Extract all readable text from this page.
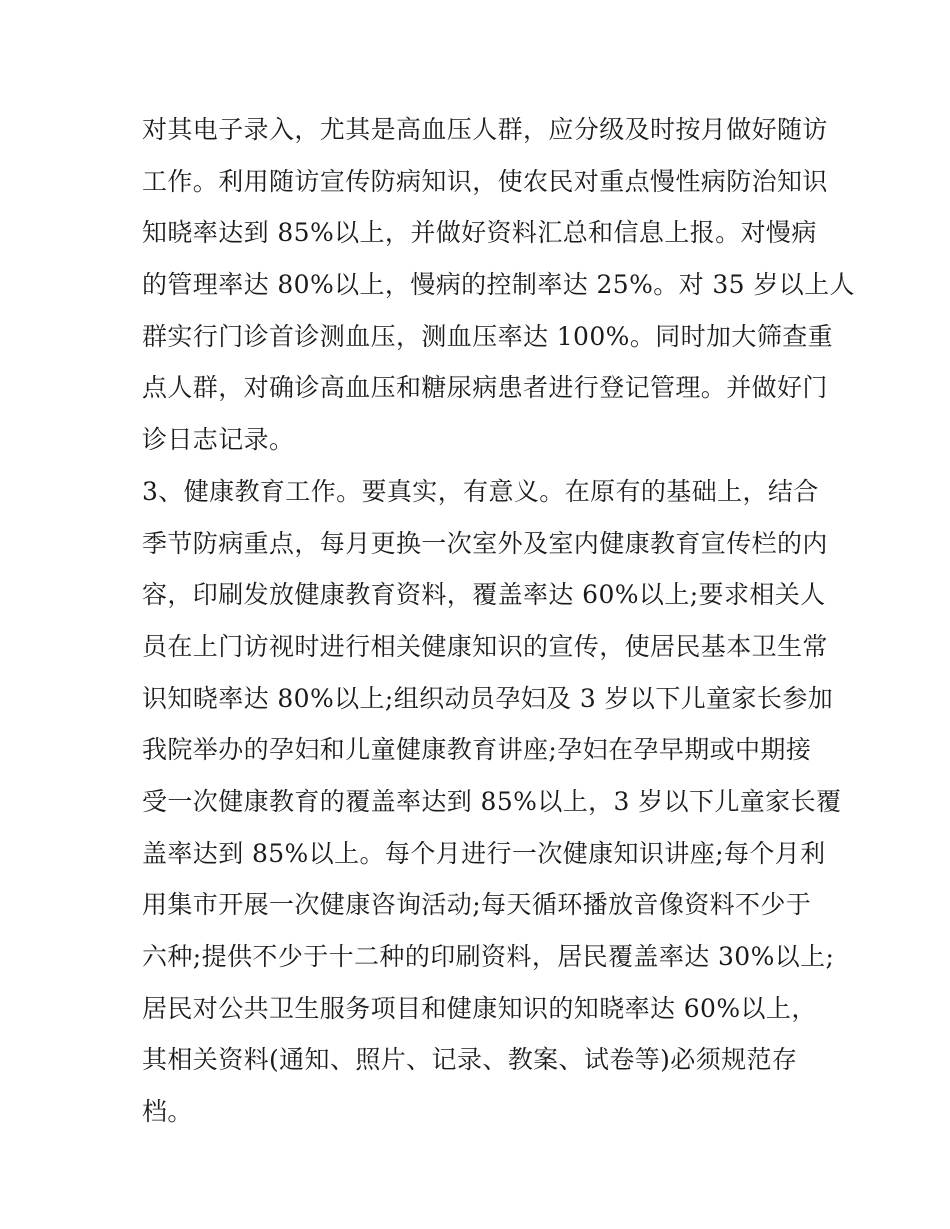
对其电子录入，尤其是高血压人群，应分级及时按月做好随访
工作。利用随访宣传防病知识，使农民对重点慢性病防治知识
知晓率达到 85%以上，并做好资料汇总和信息上报。对慢病
的管理率达 80%以上，慢病的控制率达 25%。对 35 岁以上人
群实行门诊首诊测血压，测血压率达 100%。同时加大筛查重
点人群，对确诊高血压和糖尿病患者进行登记管理。并做好门
诊日志记录。
3、健康教育工作。要真实，有意义。在原有的基础上，结合
季节防病重点，每月更换一次室外及室内健康教育宣传栏的内
容，印刷发放健康教育资料，覆盖率达 60%以上;要求相关人
员在上门访视时进行相关健康知识的宣传，使居民基本卫生常
识知晓率达 80%以上;组织动员孕妇及 3 岁以下儿童家长参加
我院举办的孕妇和儿童健康教育讲座;孕妇在孕早期或中期接
受一次健康教育的覆盖率达到 85%以上，3 岁以下儿童家长覆
盖率达到 85%以上。每个月进行一次健康知识讲座;每个月利
用集市开展一次健康咨询活动;每天循环播放音像资料不少于
六种;提供不少于十二种的印刷资料，居民覆盖率达 30%以上;
居民对公共卫生服务项目和健康知识的知晓率达 60%以上，
其相关资料(通知、照片、记录、教案、试卷等)必须规范存
档。
